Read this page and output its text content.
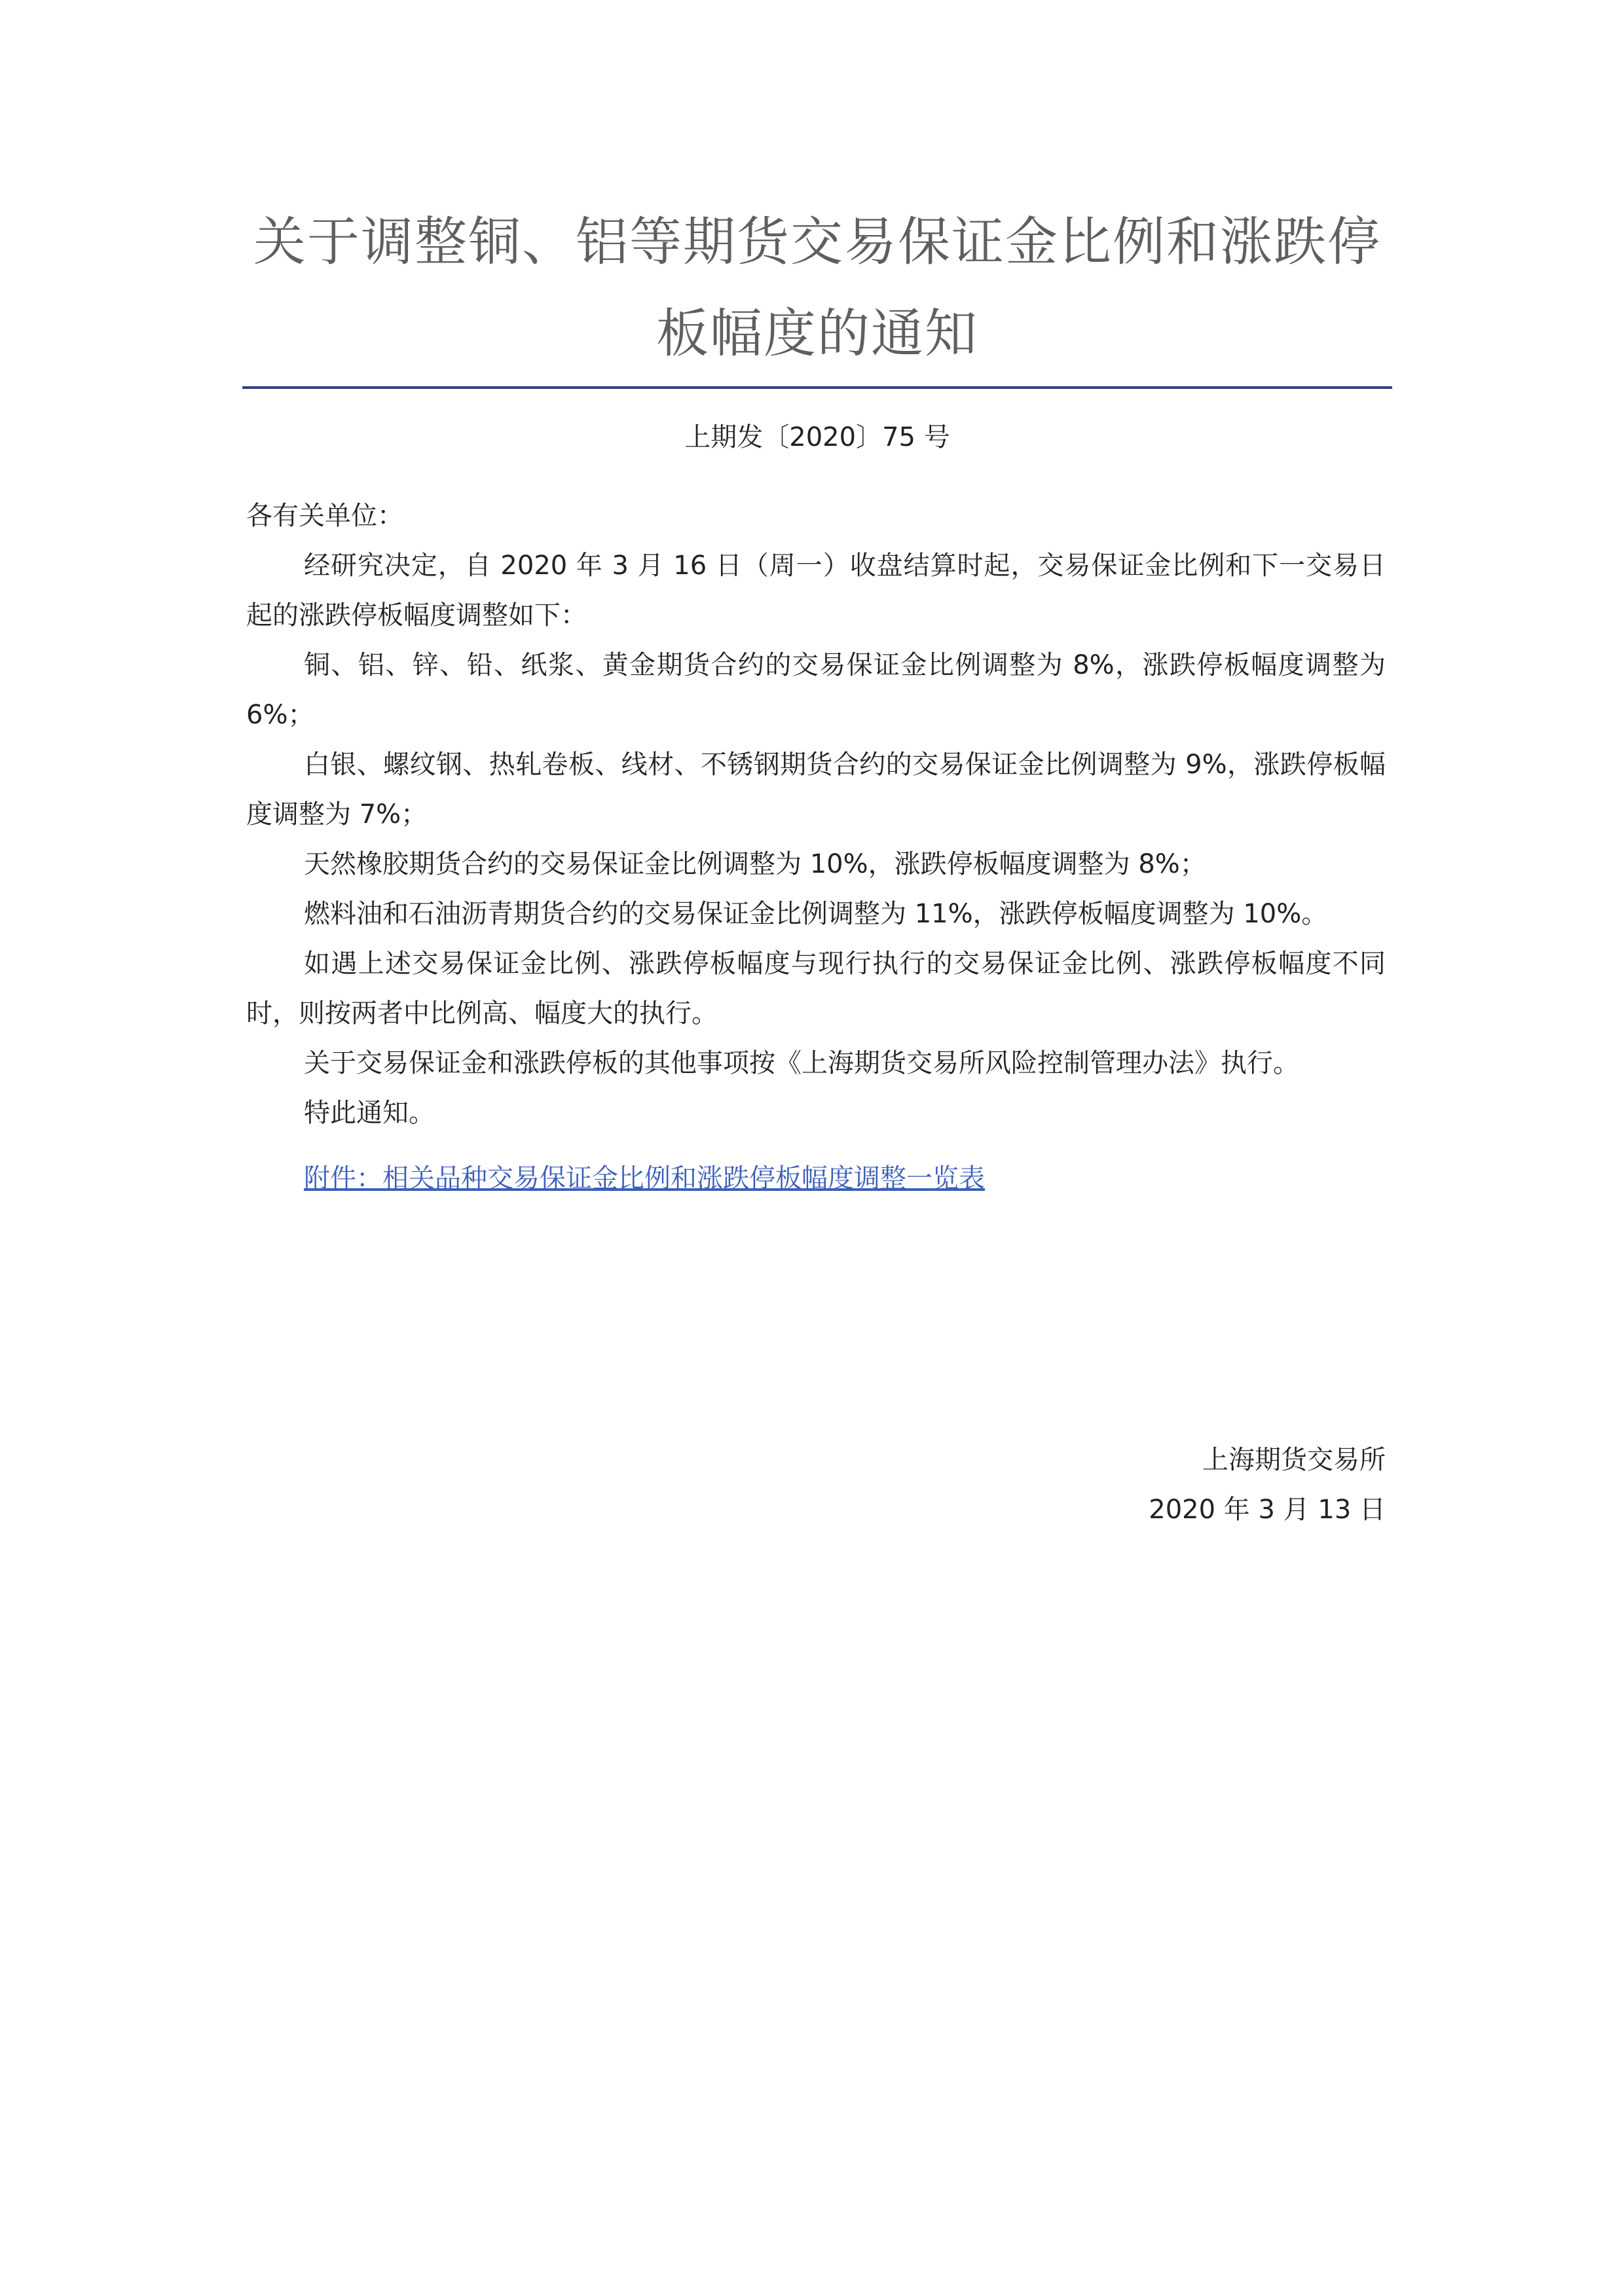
关于调整铜、铝等期货交易保证金比例和涨跌停板幅度的通知
上期发〔2020〕75 号

各有关单位：

经研究决定，自 2020 年 3 月 16 日（周一）收盘结算时起，交易保证金比例和下一交易日起的涨跌停板幅度调整如下：

铜、铝、锌、铅、纸浆、黄金期货合约的交易保证金比例调整为 8%，涨跌停板幅度调整为 6%；

白银、螺纹钢、热轧卷板、线材、不锈钢期货合约的交易保证金比例调整为 9%，涨跌停板幅度调整为 7%；

天然橡胶期货合约的交易保证金比例调整为 10%，涨跌停板幅度调整为 8%；

燃料油和石油沥青期货合约的交易保证金比例调整为 11%，涨跌停板幅度调整为 10%。

如遇上述交易保证金比例、涨跌停板幅度与现行执行的交易保证金比例、涨跌停板幅度不同时，则按两者中比例高、幅度大的执行。

关于交易保证金和涨跌停板的其他事项按《上海期货交易所风险控制管理办法》执行。

特此通知。

附件：相关品种交易保证金比例和涨跌停板幅度调整一览表
上海期货交易所
2020 年 3 月 13 日
